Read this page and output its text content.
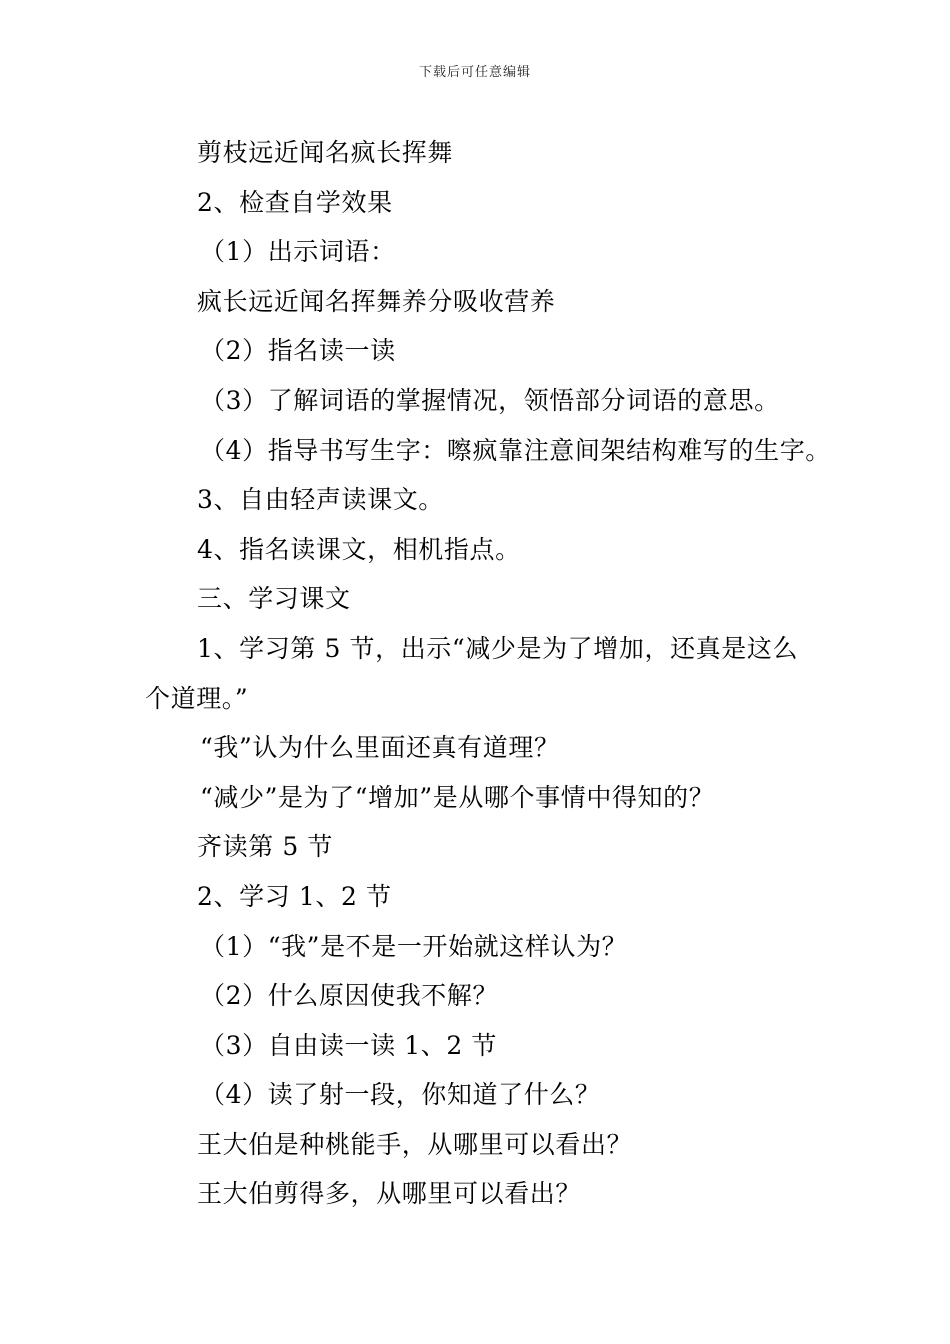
下载后可任意编辑
剪枝远近闻名疯长挥舞
2、检查自学效果
（1）出示词语：
疯长远近闻名挥舞养分吸收营养
（2）指名读一读
（3）了解词语的掌握情况，领悟部分词语的意思。
（4）指导书写生字：嚓疯靠注意间架结构难写的生字。
3、自由轻声读课文。
4、指名读课文，相机指点。
三、学习课文
1、学习第 5 节，出示“减少是为了增加，还真是这么
个道理。”
“我”认为什么里面还真有道理？
“减少”是为了“增加”是从哪个事情中得知的？
齐读第 5 节
2、学习 1、2 节
（1）“我”是不是一开始就这样认为？
（2）什么原因使我不解？
（3）自由读一读 1、2 节
（4）读了射一段，你知道了什么？
王大伯是种桃能手，从哪里可以看出？
王大伯剪得多，从哪里可以看出？
